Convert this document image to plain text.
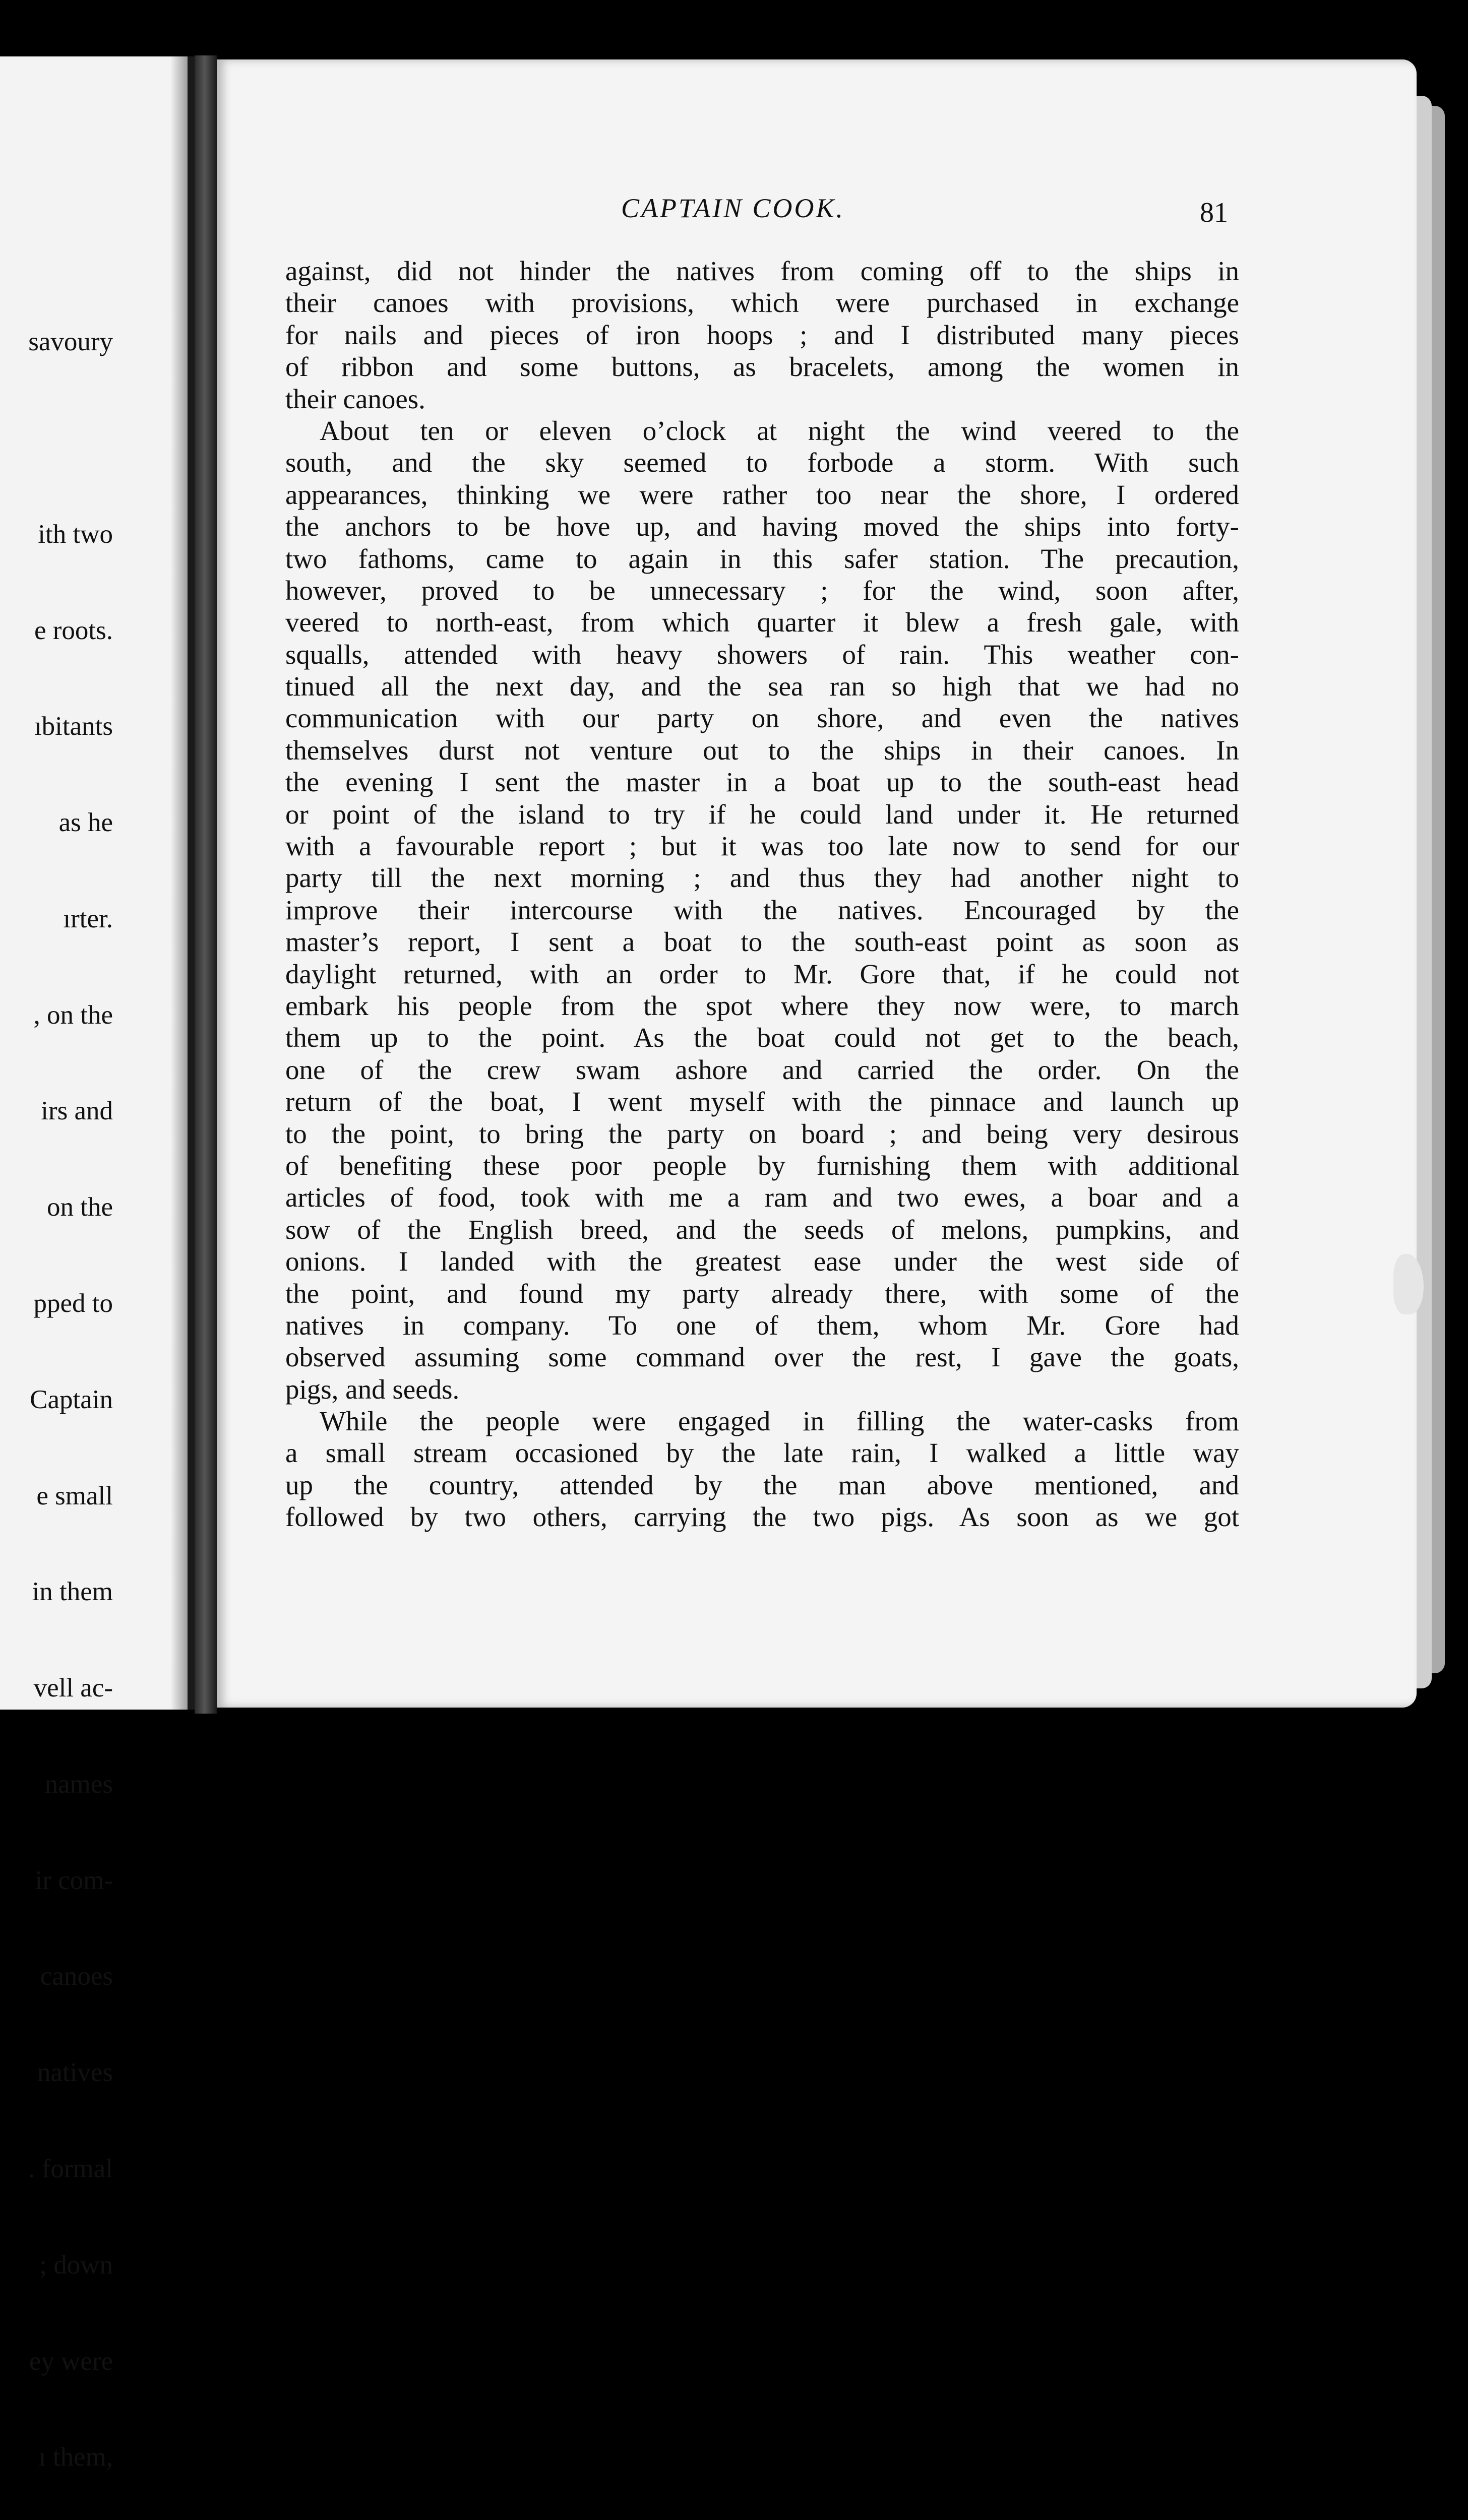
savoury

ith two

e roots.

ıbitants

as he

ırter.

, on the

irs and

on the

pped to

Captain

e small

in them

vell ac-

names

ir com-

canoes

natives

. formal

; down

ey were

ı them,

CAPTAIN COOK.	81
against, did not hinder the natives from coming off to the ships in
their canoes with provisions, which were purchased in exchange
for nails and pieces of iron hoops ; and I distributed many pieces
of ribbon and some buttons, as bracelets, among the women in
their canoes.
About ten or eleven o’clock at night the wind veered to the
south, and the sky seemed to forbode a storm. With such
appearances, thinking we were rather too near the shore, I ordered
the anchors to be hove up, and having moved the ships into forty-
two fathoms, came to again in this safer station. The precaution,
however, proved to be unnecessary ; for the wind, soon after,
veered to north-east, from which quarter it blew a fresh gale, with
squalls, attended with heavy showers of rain. This weather con-
tinued all the next day, and the sea ran so high that we had no
communication with our party on shore, and even the natives
themselves durst not venture out to the ships in their canoes. In
the evening I sent the master in a boat up to the south-east head
or point of the island to try if he could land under it. He returned
with a favourable report ; but it was too late now to send for our
party till the next morning ; and thus they had another night to
improve their intercourse with the natives. Encouraged by the
master’s report, I sent a boat to the south-east point as soon as
daylight returned, with an order to Mr. Gore that, if he could not
embark his people from the spot where they now were, to march
them up to the point. As the boat could not get to the beach,
one of the crew swam ashore and carried the order. On the
return of the boat, I went myself with the pinnace and launch up
to the point, to bring the party on board ; and being very desirous
of benefiting these poor people by furnishing them with additional
articles of food, took with me a ram and two ewes, a boar and a
sow of the English breed, and the seeds of melons, pumpkins, and
onions. I landed with the greatest ease under the west side of
the point, and found my party already there, with some of the
natives in company. To one of them, whom Mr. Gore had
observed assuming some command over the rest, I gave the goats,
pigs, and seeds.
While the people were engaged in filling the water-casks from
a small stream occasioned by the late rain, I walked a little way
up the country, attended by the man above mentioned, and
followed by two others, carrying the two pigs. As soon as we got
